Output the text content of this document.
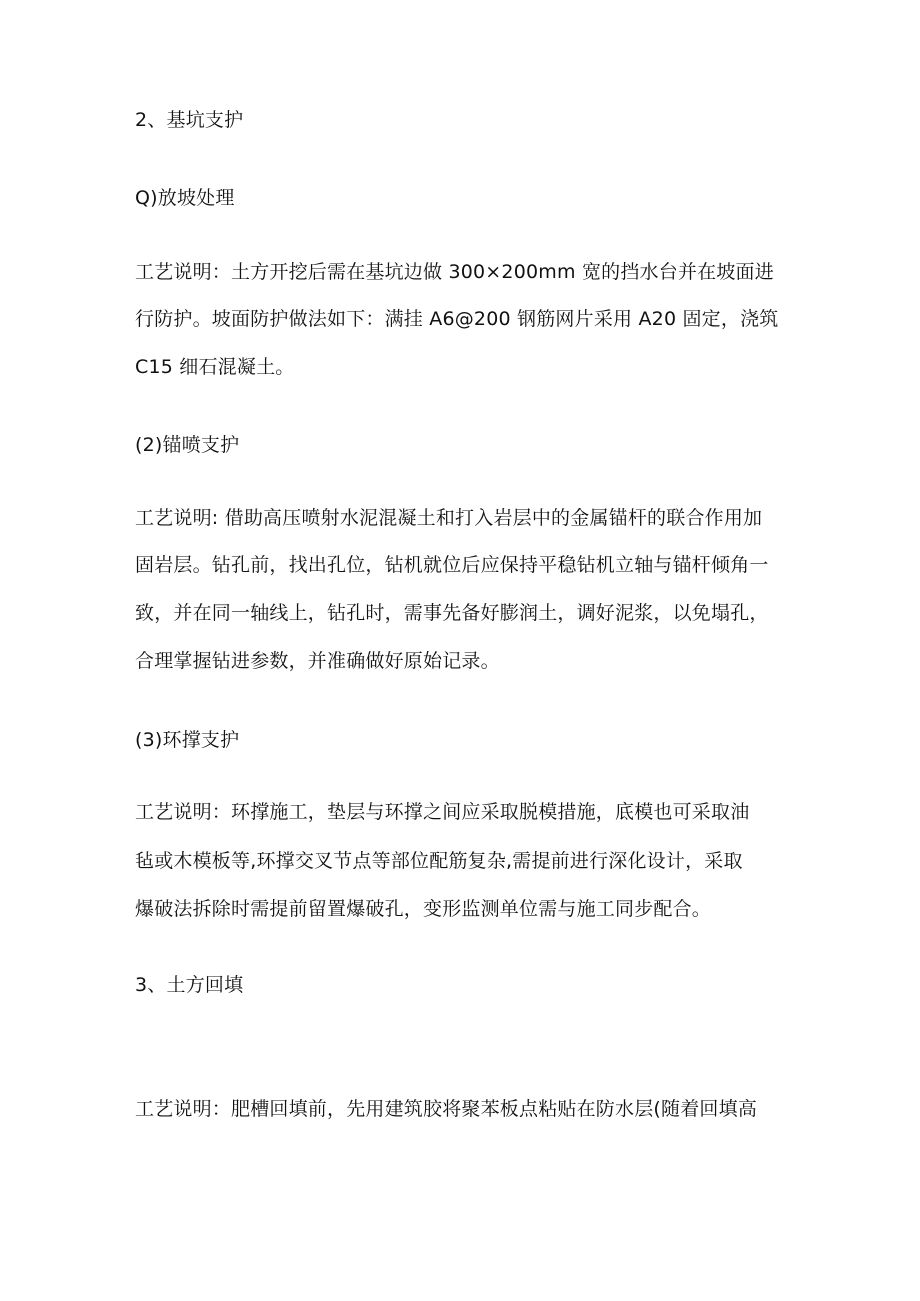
2、基坑支护
Q)放坡处理
工艺说明：土方开挖后需在基坑边做 300×200mm 宽的挡水台并在坡面进
行防护。坡面防护做法如下：满挂 A6@200 钢筋网片采用 A20 固定，浇筑
C15 细石混凝土。
(2)锚喷支护
工艺说明: 借助高压喷射水泥混凝土和打入岩层中的金属锚杆的联合作用加
固岩层。钻孔前，找出孔位，钻机就位后应保持平稳钻机立轴与锚杆倾角一
致，并在同一轴线上，钻孔时，需事先备好膨润土，调好泥浆，以免塌孔，
合理掌握钻进参数，并准确做好原始记录。
(3)环撑支护
工艺说明：环撑施工，垫层与环撑之间应采取脱模措施，底模也可采取油
毡或木模板等,环撑交叉节点等部位配筋复杂,需提前进行深化设计，采取
爆破法拆除时需提前留置爆破孔，变形监测单位需与施工同步配合。
3、土方回填
工艺说明：肥槽回填前，先用建筑胶将聚苯板点粘贴在防水层(随着回填高
